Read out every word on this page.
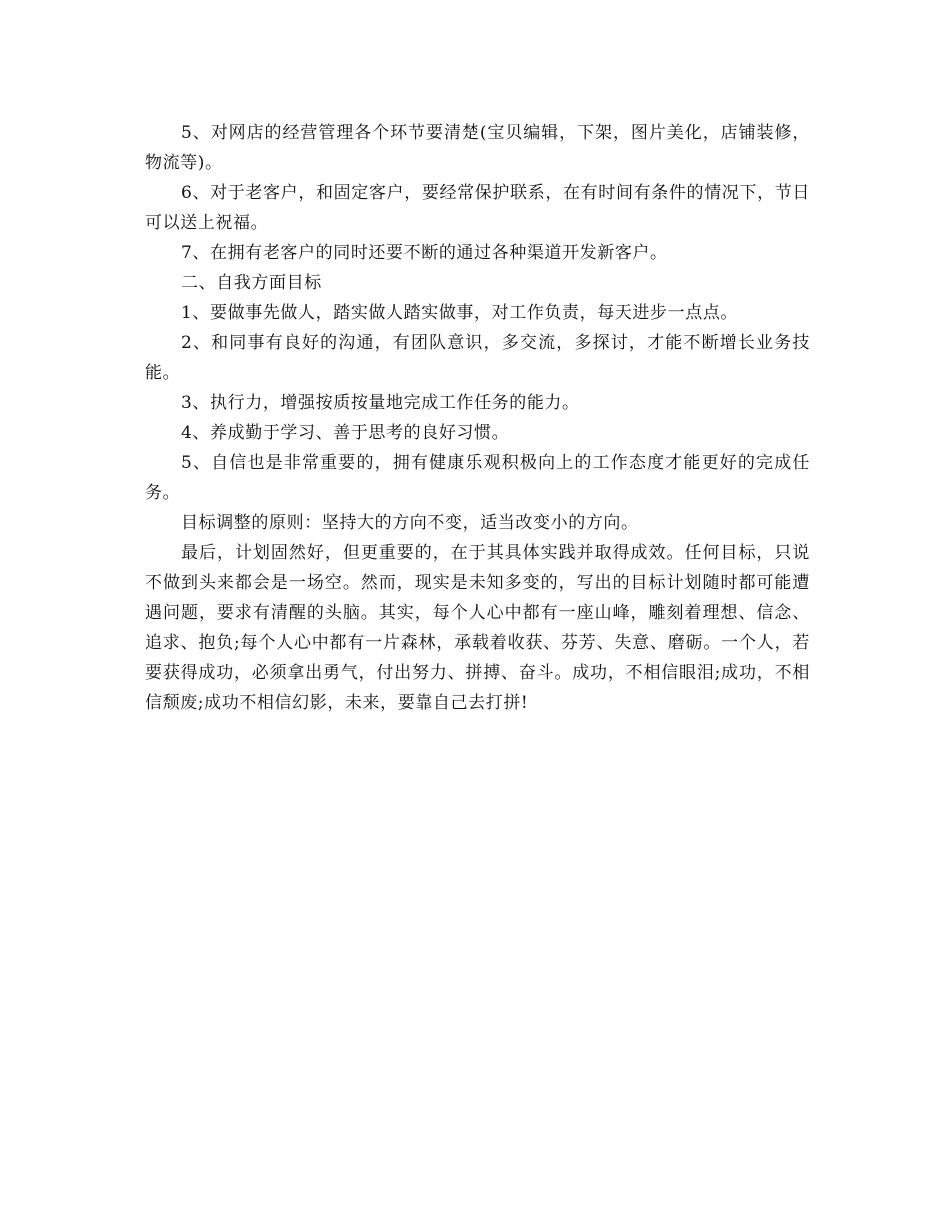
5、对网店的经营管理各个环节要清楚(宝贝编辑，下架，图片美化，店铺装修，物流等)。

6、对于老客户，和固定客户，要经常保护联系，在有时间有条件的情况下，节日可以送上祝福。

7、在拥有老客户的同时还要不断的通过各种渠道开发新客户。

二、自我方面目标

1、要做事先做人，踏实做人踏实做事，对工作负责，每天进步一点点。

2、和同事有良好的沟通，有团队意识，多交流，多探讨，才能不断增长业务技能。

3、执行力，增强按质按量地完成工作任务的能力。

4、养成勤于学习、善于思考的良好习惯。

5、自信也是非常重要的，拥有健康乐观积极向上的工作态度才能更好的完成任务。

目标调整的原则：坚持大的方向不变，适当改变小的方向。

最后，计划固然好，但更重要的，在于其具体实践并取得成效。任何目标，只说不做到头来都会是一场空。然而，现实是未知多变的，写出的目标计划随时都可能遭遇问题，要求有清醒的头脑。其实，每个人心中都有一座山峰，雕刻着理想、信念、追求、抱负;每个人心中都有一片森林，承载着收获、芬芳、失意、磨砺。一个人，若要获得成功，必须拿出勇气，付出努力、拼搏、奋斗。成功，不相信眼泪;成功，不相信颓废;成功不相信幻影，未来，要靠自己去打拼!
